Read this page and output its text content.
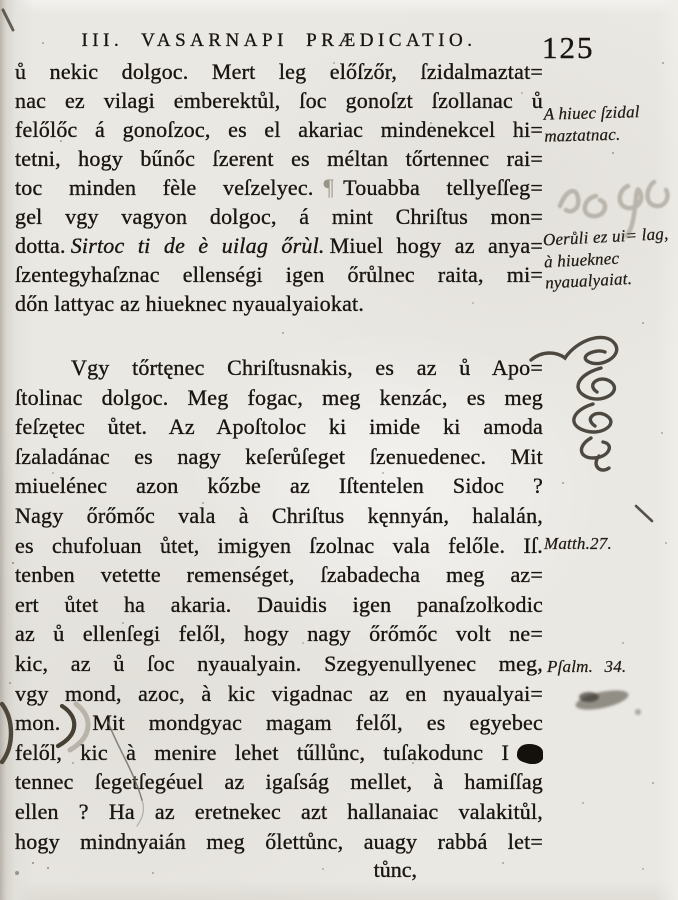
III. VASARNAPI PRÆDICATIO.	125
ů nekic dolgoc. Mert leg előſzőr, ſzidalmaztat=
nac ez vilagi emberektůl, ſoc gonoſzt ſzollanac ů
felőlőc á gonoſzoc, es el akariac mindenekcel hi=
tetni, hogy bűnőc ſzerent es méltan tőrtennec rai=
toc minden fèle veſzelyec. ¶ Touabba tellyeſſeg=
gel vgy vagyon dolgoc, á mint Chriſtus mon=
dotta. Sirtoc ti de è uilag őrùl. Miuel hogy az anya=
ſzentegyhaſznac ellenségi igen őrůlnec raita, mi=
dőn lattyac az hiueknec nyaualyaiokat.
Vgy tőrtęnec Chriſtusnakis, es az ů Apo=
ſtolinac dolgoc. Meg fogac, meg kenzác, es meg
feſzętec ůtet. Az Apoſtoloc ki imide ki amoda
ſzaladánac es nagy keſerůſeget ſzenuedenec. Mit
miuelénec azon kőzbe az Iſtentelen Sidoc ?
Nagy őrőmőc vala à Chriſtus kęnnyán, halalán,
es chufoluan ůtet, imigyen ſzolnac vala felőle. Iſ.
tenben vetette remenséget, ſzabadecha meg az=
ert ůtet ha akaria. Dauidis igen panaſzolkodic
az ů ellenſegi felől, hogy nagy őrőmőc volt ne=
kic, az ů ſoc nyaualyain. Szegyenullyenec meg,
vgy mond, azoc, à kic vigadnac az en nyaualyai=
mon. Mit mondgyac magam felől, es egyebec
felől, kic à menire lehet tűllůnc, tuſakodunc I
tennec ſegetſegéuel az igaſság mellet, à hamiſſag
ellen ? Ha az eretnekec azt hallanaiac valakitůl,
hogy mindnyaián meg őlettůnc, auagy rabbá let=
tůnc,
A hiuec ſzidal maztatnac.
Oerůli ez ui= lag, à hiueknec nyaualyaiat.
Matth.27.
Pſalm. 34.
